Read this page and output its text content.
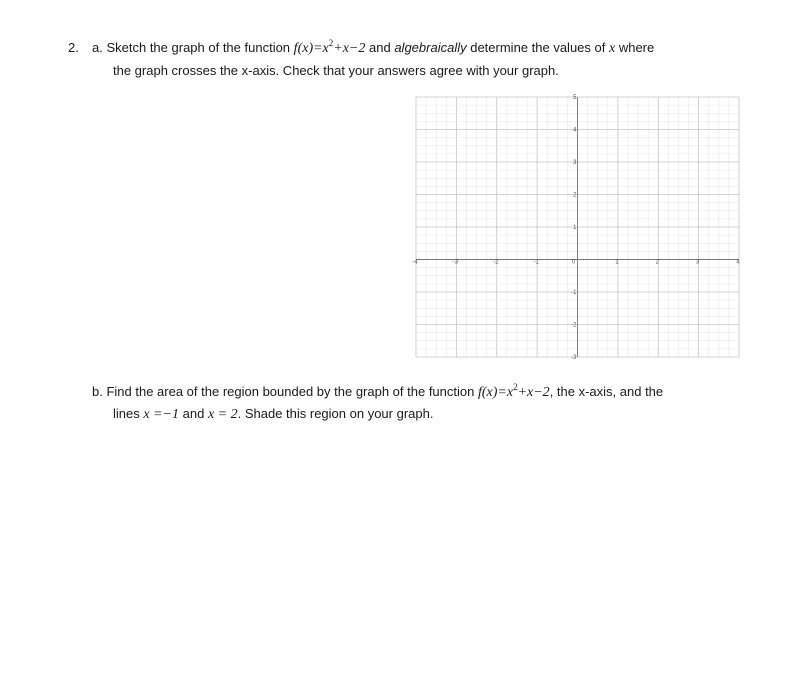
2. a. Sketch the graph of the function $f(x)=x^2+x-2$ and algebraically determine the values of x where
the graph crosses the x-axis. Check that your answers agree with your graph.
-4	-3	-2	-1	0	1	2	3	4
5
4
3
2
1
-1
-2
-3
b. Find the area of the region bounded by the graph of the function $f(x)=x^2+x-2$, the x-axis, and the
lines x =−1 and x = 2. Shade this region on your graph.
